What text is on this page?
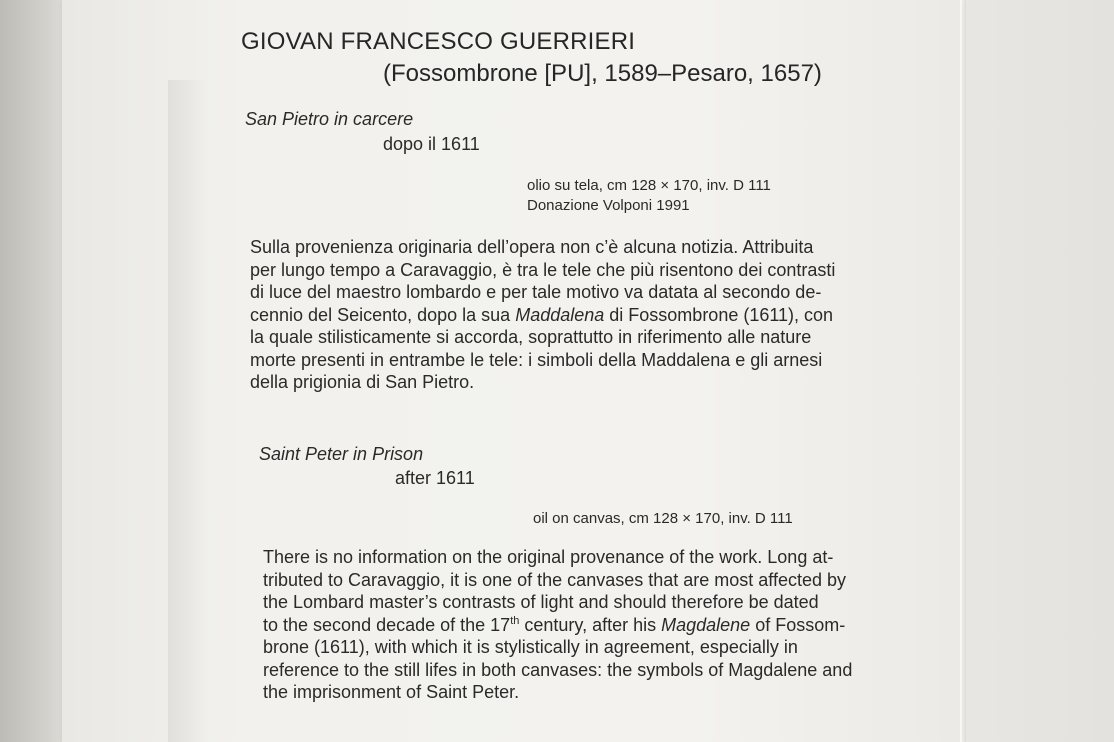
GIOVAN FRANCESCO GUERRIERI

(Fossombrone [PU], 1589–Pesaro, 1657)

San Pietro in carcere

dopo il 1611

olio su tela, cm 128 × 170, inv. D 111

Donazione Volponi 1991

Sulla provenienza originaria dell’opera non c’è alcuna notizia. Attribuita
per lungo tempo a Caravaggio, è tra le tele che più risentono dei contrasti
di luce del maestro lombardo e per tale motivo va datata al secondo de-
cennio del Seicento, dopo la sua Maddalena di Fossombrone (1611), con
la quale stilisticamente si accorda, soprattutto in riferimento alle nature
morte presenti in entrambe le tele: i simboli della Maddalena e gli arnesi
della prigionia di San Pietro.

Saint Peter in Prison

after 1611

oil on canvas, cm 128 × 170, inv. D 111

There is no information on the original provenance of the work. Long at-
tributed to Caravaggio, it is one of the canvases that are most affected by
the Lombard master’s contrasts of light and should therefore be dated
to the second decade of the 17th century, after his Magdalene of Fossom-
brone (1611), with which it is stylistically in agreement, especially in
reference to the still lifes in both canvases: the symbols of Magdalene and
the imprisonment of Saint Peter.
